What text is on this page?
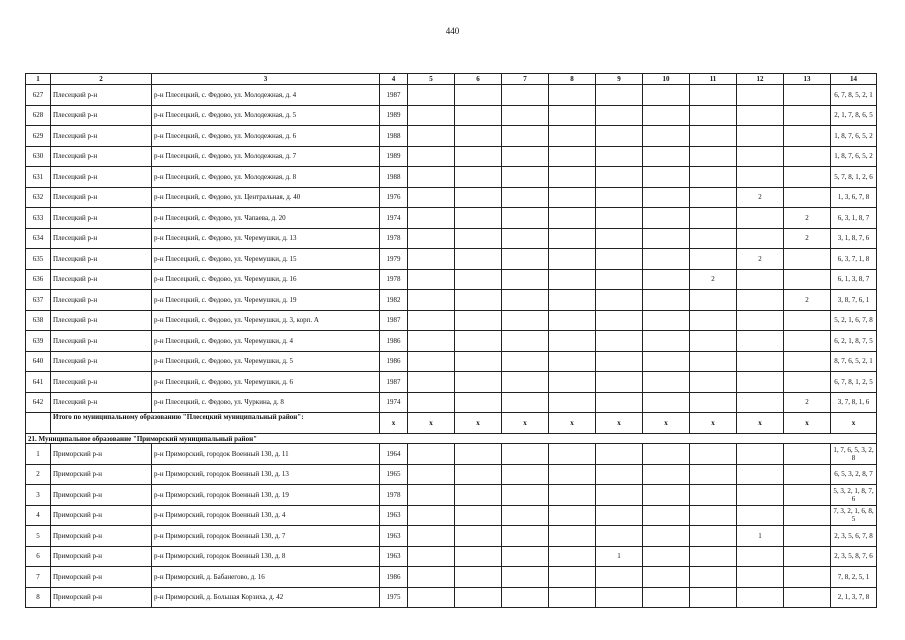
440
1	2	3	4	5	6	7	8	9	10	11	12	13	14
627	Плесецкий р-н	р-н Плесецкий, с. Федово, ул. Молодежная, д. 4	1987										6, 7, 8, 5, 2, 1
628	Плесецкий р-н	р-н Плесецкий, с. Федово, ул. Молодежная, д. 5	1989										2, 1, 7, 8, 6, 5
629	Плесецкий р-н	р-н Плесецкий, с. Федово, ул. Молодежная, д. 6	1988										1, 8, 7, 6, 5, 2
630	Плесецкий р-н	р-н Плесецкий, с. Федово, ул. Молодежная, д. 7	1989										1, 8, 7, 6, 5, 2
631	Плесецкий р-н	р-н Плесецкий, с. Федово, ул. Молодежная, д. 8	1988										5, 7, 8, 1, 2, 6
632	Плесецкий р-н	р-н Плесецкий, с. Федово, ул. Центральная, д. 40	1976								2		1, 3, 6, 7, 8
633	Плесецкий р-н	р-н Плесецкий, с. Федово, ул. Чапаева, д. 20	1974									2	6, 3, 1, 8, 7
634	Плесецкий р-н	р-н Плесецкий, с. Федово, ул. Черемушки, д. 13	1978									2	3, 1, 8, 7, 6
635	Плесецкий р-н	р-н Плесецкий, с. Федово, ул. Черемушки, д. 15	1979								2		6, 3, 7, 1, 8
636	Плесецкий р-н	р-н Плесецкий, с. Федово, ул. Черемушки, д. 16	1978							2			6, 1, 3, 8, 7
637	Плесецкий р-н	р-н Плесецкий, с. Федово, ул. Черемушки, д. 19	1982									2	3, 8, 7, 6, 1
638	Плесецкий р-н	р-н Плесецкий, с. Федово, ул. Черемушки, д. 3, корп. А	1987										5, 2, 1, 6, 7, 8
639	Плесецкий р-н	р-н Плесецкий, с. Федово, ул. Черемушки, д. 4	1986										6, 2, 1, 8, 7, 5
640	Плесецкий р-н	р-н Плесецкий, с. Федово, ул. Черемушки, д. 5	1986										8, 7, 6, 5, 2, 1
641	Плесецкий р-н	р-н Плесецкий, с. Федово, ул. Черемушки, д. 6	1987										6, 7, 8, 1, 2, 5
642	Плесецкий р-н	р-н Плесецкий, с. Федово, ул. Чуркина, д. 8	1974									2	3, 7, 8, 1, 6
	Итого по муниципальному образованию "Плесецкий муниципальный район":		x	x	x	x	x	x	x	x	x	x	x
21. Муниципальное образование "Приморский муниципальный район"													
1	Приморский р-н	р-н Приморский, городок Военный 130, д. 11	1964										1, 7, 6, 5, 3, 2, 8
2	Приморский р-н	р-н Приморский, городок Военный 130, д. 13	1965										6, 5, 3, 2, 8, 7
3	Приморский р-н	р-н Приморский, городок Военный 130, д. 19	1978										5, 3, 2, 1, 8, 7, 6
4	Приморский р-н	р-н Приморский, городок Военный 130, д. 4	1963										7, 3, 2, 1, 6, 8, 5
5	Приморский р-н	р-н Приморский, городок Военный 130, д. 7	1963								1		2, 3, 5, 6, 7, 8
6	Приморский р-н	р-н Приморский, городок Военный 130, д. 8	1963					1					2, 3, 5, 8, 7, 6
7	Приморский р-н	р-н Приморский, д. Бабанегово, д. 16	1986										7, 8, 2, 5, 1
8	Приморский р-н	р-н Приморский, д. Большая Корзиха, д. 42	1975										2, 1, 3, 7, 8
